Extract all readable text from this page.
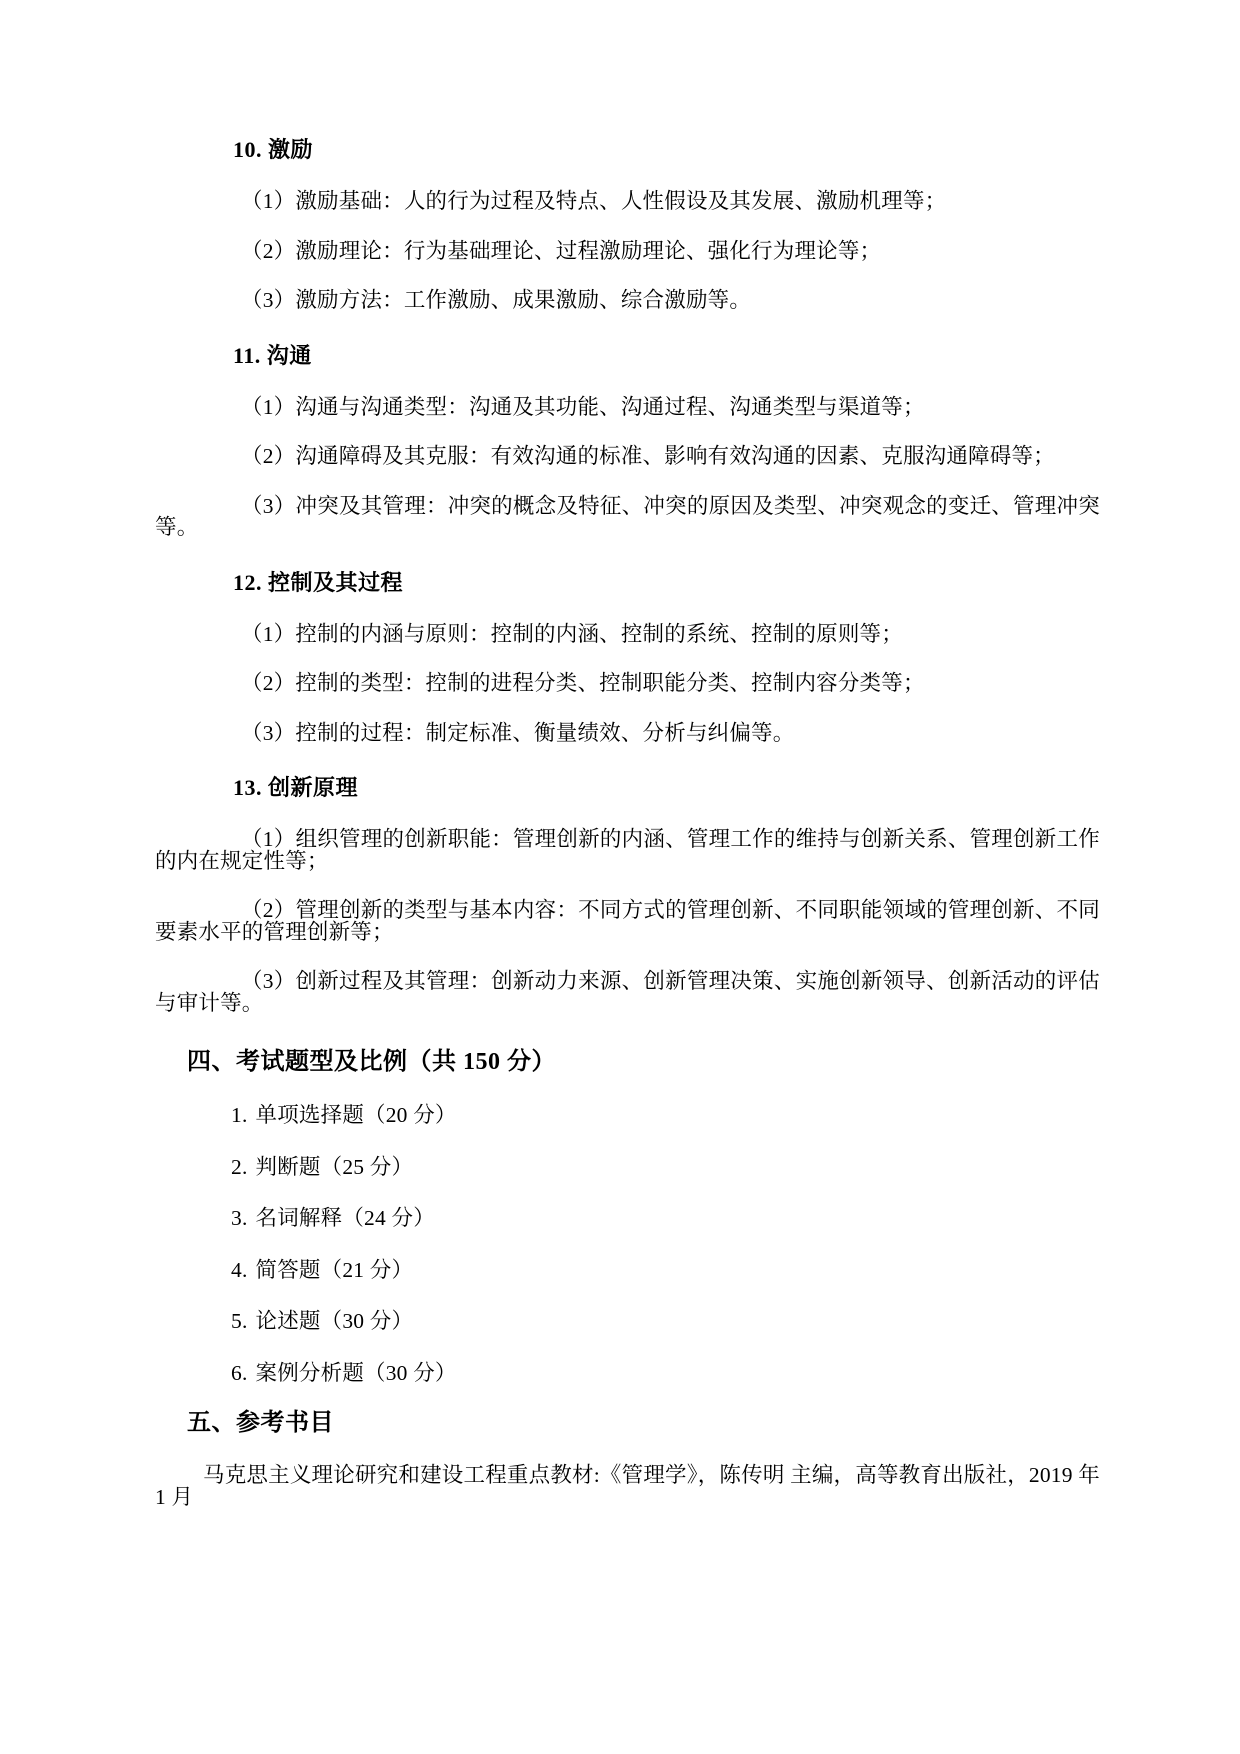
10. 激励

（1）激励基础：人的行为过程及特点、人性假设及其发展、激励机理等；

（2）激励理论：行为基础理论、过程激励理论、强化行为理论等；

（3）激励方法：工作激励、成果激励、综合激励等。

11. 沟通

（1）沟通与沟通类型：沟通及其功能、沟通过程、沟通类型与渠道等；

（2）沟通障碍及其克服：有效沟通的标准、影响有效沟通的因素、克服沟通障碍等；

（3）冲突及其管理：冲突的概念及特征、冲突的原因及类型、冲突观念的变迁、管理冲突等。

12. 控制及其过程

（1）控制的内涵与原则：控制的内涵、控制的系统、控制的原则等；

（2）控制的类型：控制的进程分类、控制职能分类、控制内容分类等；

（3）控制的过程：制定标准、衡量绩效、分析与纠偏等。

13. 创新原理

（1）组织管理的创新职能：管理创新的内涵、管理工作的维持与创新关系、管理创新工作的内在规定性等；

（2）管理创新的类型与基本内容：不同方式的管理创新、不同职能领域的管理创新、不同要素水平的管理创新等；

（3）创新过程及其管理：创新动力来源、创新管理决策、实施创新领导、创新活动的评估与审计等。

四、考试题型及比例（共 150 分）
1. 单项选择题（20 分）
2. 判断题（25 分）
3. 名词解释（24 分）
4. 简答题（21 分）
5. 论述题（30 分）
6. 案例分析题（30 分）
五、参考书目

马克思主义理论研究和建设工程重点教材:《管理学》，陈传明 主编，高等教育出版社，2019 年 1 月
